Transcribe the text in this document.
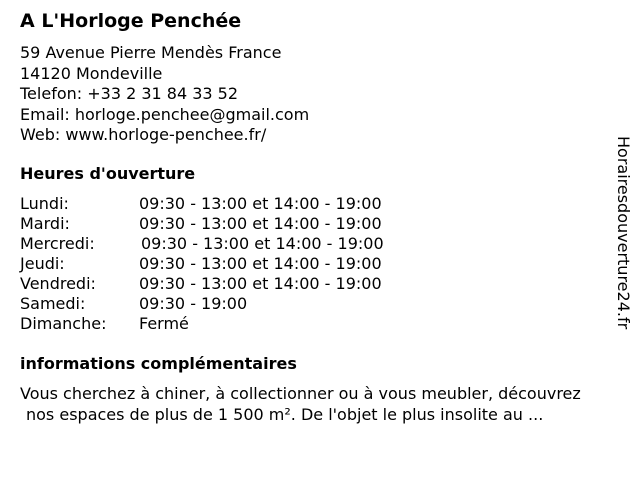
A L'Horloge Penchée
59 Avenue Pierre Mendès France
14120 Mondeville
Telefon: +33 2 31 84 33 52
Email: horloge.penchee@gmail.com
Web: www.horloge-penchee.fr/
Heures d'ouverture
Lundi:	09:30 - 13:00 et 14:00 - 19:00
Mardi:	09:30 - 13:00 et 14:00 - 19:00
Mercredi:	09:30 - 13:00 et 14:00 - 19:00
Jeudi:	09:30 - 13:00 et 14:00 - 19:00
Vendredi:	09:30 - 13:00 et 14:00 - 19:00
Samedi:	09:30 - 19:00
Dimanche: Fermé
informations complémentaires
Vous cherchez à chiner, à collectionner ou à vous meubler, découvrez
nos espaces de plus de 1 500 m². De l'objet le plus insolite au ...
Horairesdouverture24.fr
